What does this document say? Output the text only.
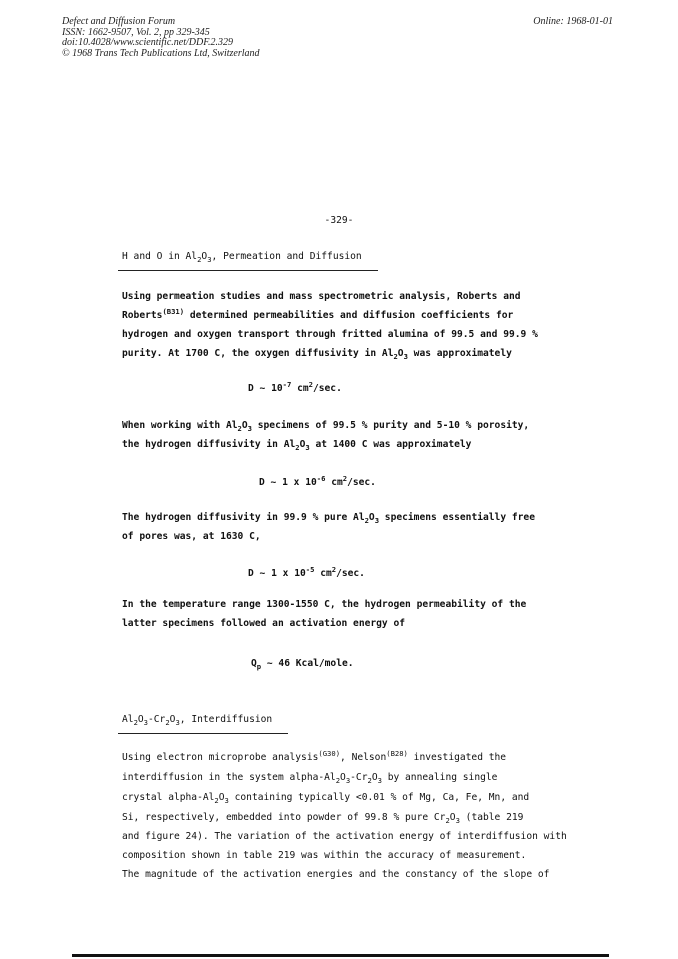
Defect and Diffusion Forum
ISSN: 1662-9507, Vol. 2, pp 329-345
doi:10.4028/www.scientific.net/DDF.2.329
© 1968 Trans Tech Publications Ltd, Switzerland
Online: 1968-01-01
-329-
H and O in $Al_2O_3$, Permeation and Diffusion
Using permeation studies and mass spectrometric analysis, Roberts and
Roberts$^{(B31)}$ determined permeabilities and diffusion coefficients for
hydrogen and oxygen transport through fritted alumina of 99.5 and 99.9 %
purity. At 1700 C, the oxygen diffusivity in $Al_2O_3$ was approximately
D ~ $10^{-7}$ $cm^2/\sec$.
When working with $Al_2O_3$ specimens of 99.5 % purity and 5-10 % porosity,
the hydrogen diffusivity in $Al_2O_3$ at 1400 C was approximately
D ~ 1 x $10^{-6}$ $cm^2/\sec$.
The hydrogen diffusivity in 99.9 % pure $Al_2O_3$ specimens essentially free
of pores was, at 1630 C,
D ~ 1 x $10^{-5}$ $cm^2/\sec$.
In the temperature range 1300-1550 C, the hydrogen permeability of the
latter specimens followed an activation energy of
$Q_p$ ~ 46 Kcal/mole.
$Al_2O_3-Cr_2O_3$, Interdiffusion
Using electron microprobe analysis$^{(G30)}$, Nelson$^{(B28)}$ investigated the
interdiffusion in the system alpha-$Al_2O_3-Cr_2O_3$ by annealing single
crystal alpha-$Al_2O_3$ containing typically <0.01 % of Mg, Ca, Fe, Mn, and
Si, respectively, embedded into powder of 99.8 % pure $Cr_2O_3$ (table 219
and figure 24). The variation of the activation energy of interdiffusion with
composition shown in table 219 was within the accuracy of measurement.
The magnitude of the activation energies and the constancy of the slope of
